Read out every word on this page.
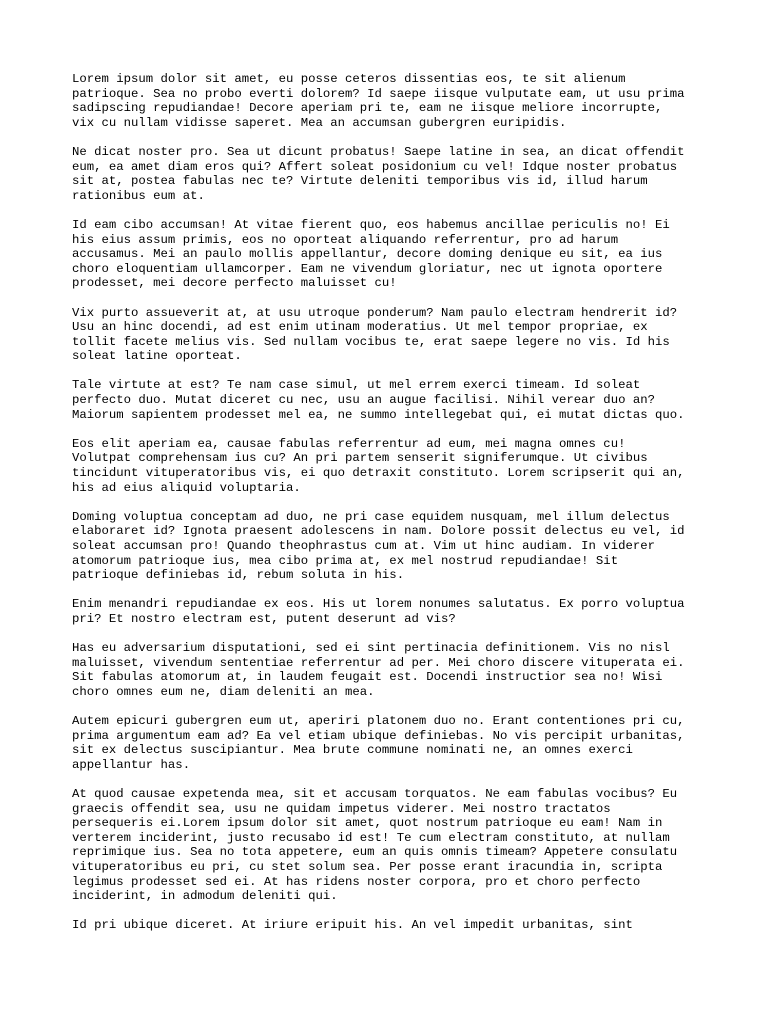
Lorem ipsum dolor sit amet, eu posse ceteros dissentias eos, te sit alienum
patrioque. Sea no probo everti dolorem? Id saepe iisque vulputate eam, ut usu prima
sadipscing repudiandae! Decore aperiam pri te, eam ne iisque meliore incorrupte,
vix cu nullam vidisse saperet. Mea an accumsan gubergren euripidis.

Ne dicat noster pro. Sea ut dicunt probatus! Saepe latine in sea, an dicat offendit
eum, ea amet diam eros qui? Affert soleat posidonium cu vel! Idque noster probatus
sit at, postea fabulas nec te? Virtute deleniti temporibus vis id, illud harum
rationibus eum at.

Id eam cibo accumsan! At vitae fierent quo, eos habemus ancillae periculis no! Ei
his eius assum primis, eos no oporteat aliquando referrentur, pro ad harum
accusamus. Mei an paulo mollis appellantur, decore doming denique eu sit, ea ius
choro eloquentiam ullamcorper. Eam ne vivendum gloriatur, nec ut ignota oportere
prodesset, mei decore perfecto maluisset cu!

Vix purto assueverit at, at usu utroque ponderum? Nam paulo electram hendrerit id?
Usu an hinc docendi, ad est enim utinam moderatius. Ut mel tempor propriae, ex
tollit facete melius vis. Sed nullam vocibus te, erat saepe legere no vis. Id his
soleat latine oporteat.

Tale virtute at est? Te nam case simul, ut mel errem exerci timeam. Id soleat
perfecto duo. Mutat diceret cu nec, usu an augue facilisi. Nihil verear duo an?
Maiorum sapientem prodesset mel ea, ne summo intellegebat qui, ei mutat dictas quo.

Eos elit aperiam ea, causae fabulas referrentur ad eum, mei magna omnes cu!
Volutpat comprehensam ius cu? An pri partem senserit signiferumque. Ut civibus
tincidunt vituperatoribus vis, ei quo detraxit constituto. Lorem scripserit qui an,
his ad eius aliquid voluptaria.

Doming voluptua conceptam ad duo, ne pri case equidem nusquam, mel illum delectus
elaboraret id? Ignota praesent adolescens in nam. Dolore possit delectus eu vel, id
soleat accumsan pro! Quando theophrastus cum at. Vim ut hinc audiam. In viderer
atomorum patrioque ius, mea cibo prima at, ex mel nostrud repudiandae! Sit
patrioque definiebas id, rebum soluta in his.

Enim menandri repudiandae ex eos. His ut lorem nonumes salutatus. Ex porro voluptua
pri? Et nostro electram est, putent deserunt ad vis?

Has eu adversarium disputationi, sed ei sint pertinacia definitionem. Vis no nisl
maluisset, vivendum sententiae referrentur ad per. Mei choro discere vituperata ei.
Sit fabulas atomorum at, in laudem feugait est. Docendi instructior sea no! Wisi
choro omnes eum ne, diam deleniti an mea.

Autem epicuri gubergren eum ut, aperiri platonem duo no. Erant contentiones pri cu,
prima argumentum eam ad? Ea vel etiam ubique definiebas. No vis percipit urbanitas,
sit ex delectus suscipiantur. Mea brute commune nominati ne, an omnes exerci
appellantur has.

At quod causae expetenda mea, sit et accusam torquatos. Ne eam fabulas vocibus? Eu
graecis offendit sea, usu ne quidam impetus viderer. Mei nostro tractatos
persequeris ei.Lorem ipsum dolor sit amet, quot nostrum patrioque eu eam! Nam in
verterem inciderint, justo recusabo id est! Te cum electram constituto, at nullam
reprimique ius. Sea no tota appetere, eum an quis omnis timeam? Appetere consulatu
vituperatoribus eu pri, cu stet solum sea. Per posse erant iracundia in, scripta
legimus prodesset sed ei. At has ridens noster corpora, pro et choro perfecto
inciderint, in admodum deleniti qui.

Id pri ubique diceret. At iriure eripuit his. An vel impedit urbanitas, sint
